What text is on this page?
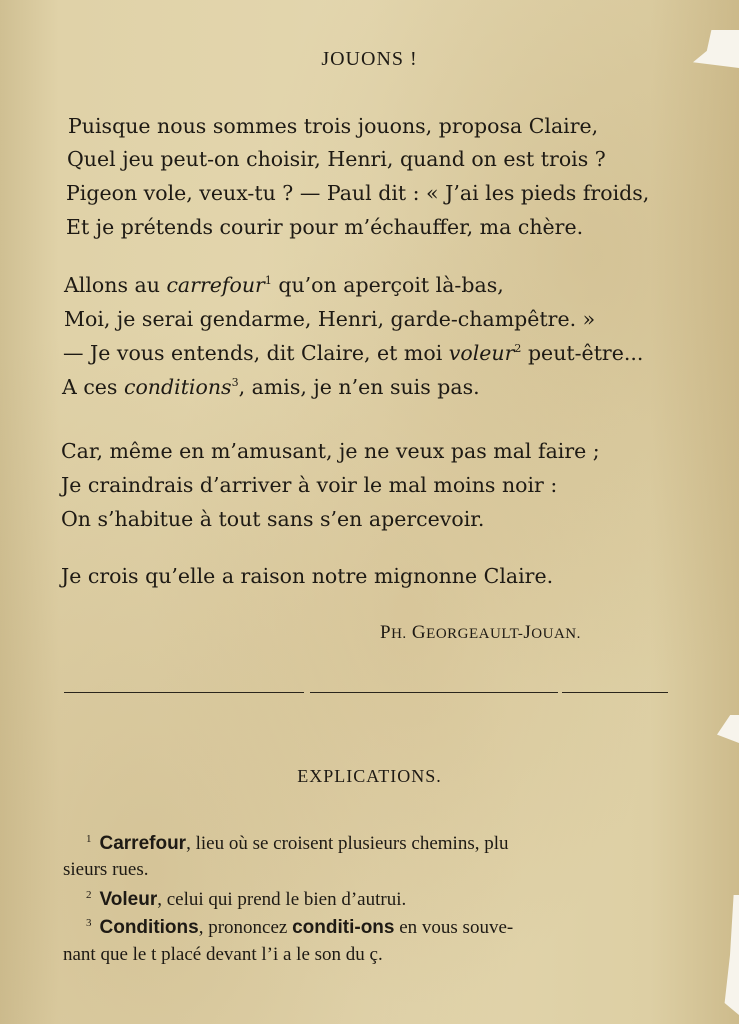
JOUONS !
Puisque nous sommes trois jouons, proposa Claire,
Quel jeu peut-on choisir, Henri, quand on est trois ?
Pigeon vole, veux-tu ? — Paul dit : « J’ai les pieds froids,
Et je prétends courir pour m’échauffer, ma chère.
Allons au carrefour$^1$ qu’on aperçoit là-bas,
Moi, je serai gendarme, Henri, garde-champêtre. »
— Je vous entends, dit Claire, et moi voleur$^2$ peut-être...
A ces conditions$^3$, amis, je n’en suis pas.
Car, même en m’amusant, je ne veux pas mal faire ;
Je craindrais d’arriver à voir le mal moins noir :
On s’habitue à tout sans s’en apercevoir.
Je crois qu’elle a raison notre mignonne Claire.
PH. GEORGEAULT-JOUAN.
EXPLICATIONS.
$^1$ Carrefour, lieu où se croisent plusieurs chemins, plu
sieurs rues.
$^2$ Voleur, celui qui prend le bien d’autrui.
$^3$ Conditions, prononcez conditi-ons en vous souve-
nant que le t placé devant l’i a le son du ç.
